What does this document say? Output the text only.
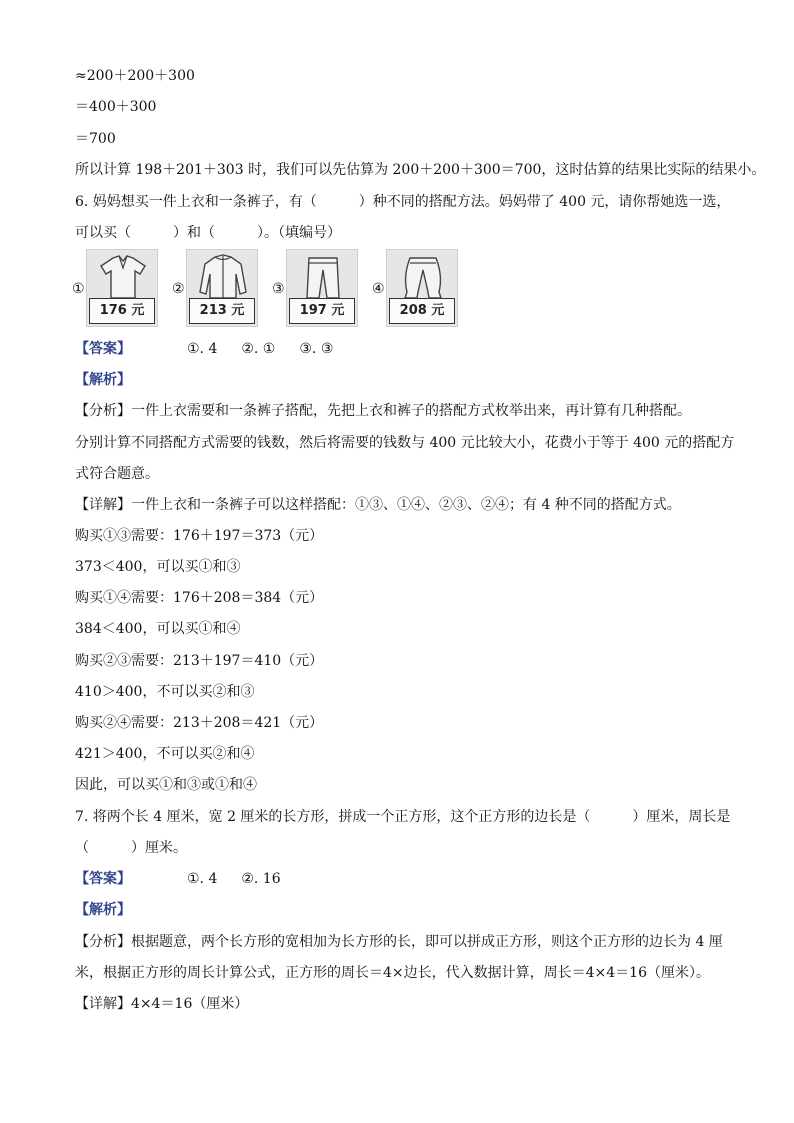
≈200＋200＋300
＝400＋300
＝700
所以计算 198＋201＋303 时，我们可以先估算为 200＋200＋300＝700，这时估算的结果比实际的结果小。
6. 妈妈想买一件上衣和一条裤子，有（　　　）种不同的搭配方法。妈妈带了 400 元，请你帮她选一选，
可以买（　　　）和（　　　）。（填编号）
①
176 元
②
213 元
③
197 元
④
208 元
【答案】	①. 4 ②. ① ③. ③
【解析】
【分析】一件上衣需要和一条裤子搭配，先把上衣和裤子的搭配方式枚举出来，再计算有几种搭配。
分别计算不同搭配方式需要的钱数，然后将需要的钱数与 400 元比较大小，花费小于等于 400 元的搭配方
式符合题意。
【详解】一件上衣和一条裤子可以这样搭配：①③、①④、②③、②④；有 4 种不同的搭配方式。
购买①③需要：176＋197＝373（元）
373＜400，可以买①和③
购买①④需要：176＋208＝384（元）
384＜400，可以买①和④
购买②③需要：213＋197＝410（元）
410＞400，不可以买②和③
购买②④需要：213＋208＝421（元）
421＞400，不可以买②和④
因此，可以买①和③或①和④
7. 将两个长 4 厘米，宽 2 厘米的长方形，拼成一个正方形，这个正方形的边长是（　　　）厘米，周长是
（　　　）厘米。
【答案】	①. 4 ②. 16
【解析】
【分析】根据题意，两个长方形的宽相加为长方形的长，即可以拼成正方形，则这个正方形的边长为 4 厘
米，根据正方形的周长计算公式，正方形的周长＝4×边长，代入数据计算，周长＝4×4＝16（厘米）。
【详解】4×4＝16（厘米）
